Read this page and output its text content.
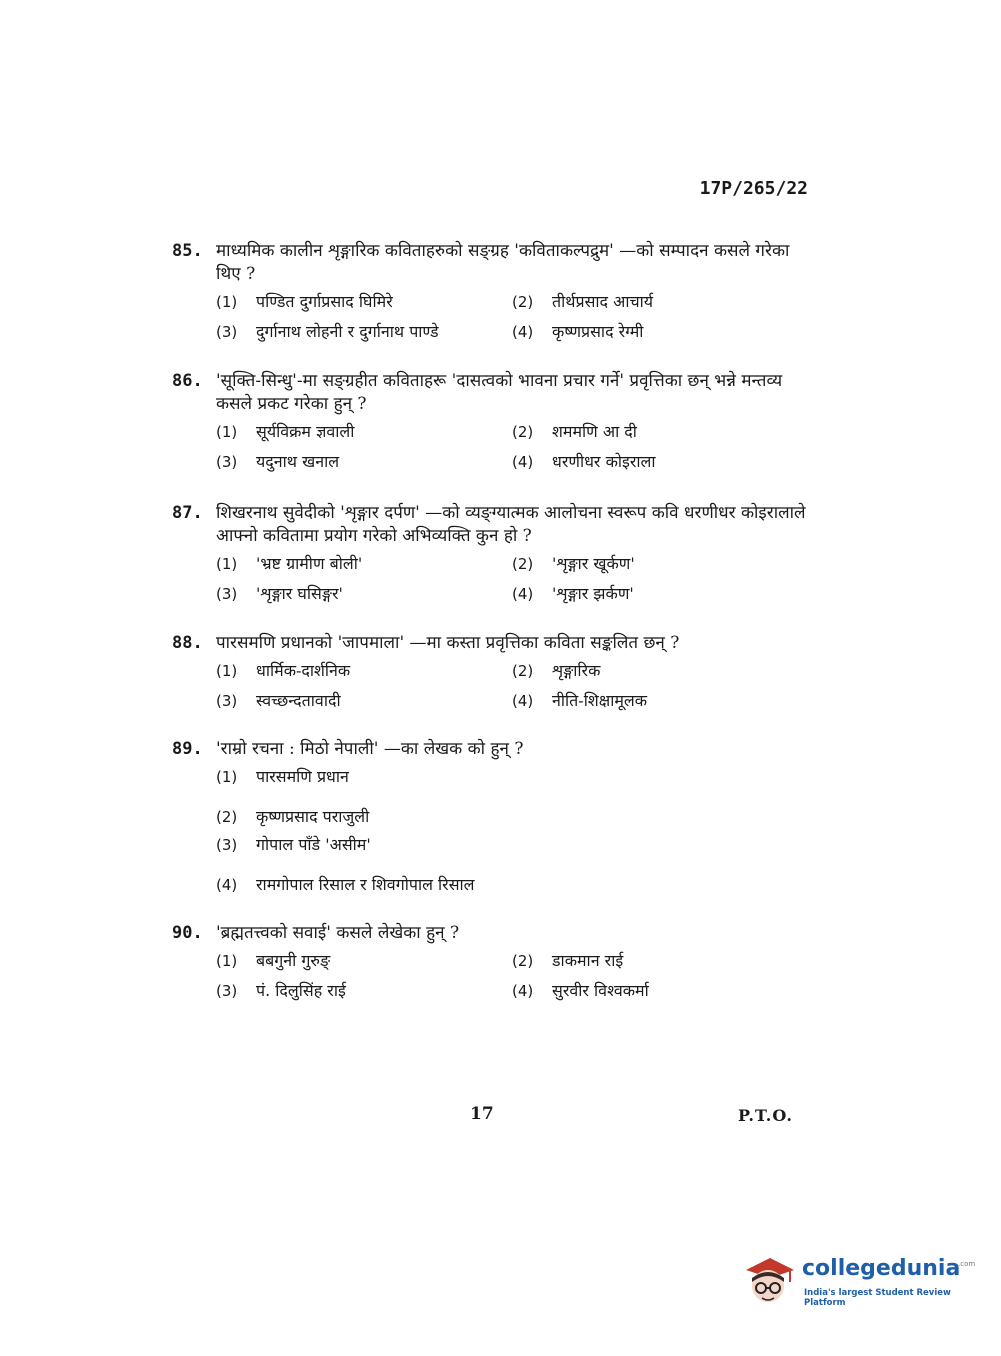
17P/265/22
85. माध्यमिक कालीन शृङ्गारिक कविताहरुको सङ्ग्रह 'कविताकल्पद्रुम' —को सम्पादन कसले गरेका थिए ?
(1)	पण्डित दुर्गाप्रसाद घिमिरे	(2)	तीर्थप्रसाद आचार्य
(3)	दुर्गानाथ लोहनी र दुर्गानाथ पाण्डे	(4)	कृष्णप्रसाद रेग्मी
86. 'सूक्ति-सिन्धु'-मा सङ्ग्रहीत कविताहरू 'दासत्वको भावना प्रचार गर्ने' प्रवृत्तिका छन् भन्ने मन्तव्य कसले प्रकट गरेका हुन् ?
(1)	सूर्यविक्रम ज्ञवाली	(2)	शममणि आ दी
(3)	यदुनाथ खनाल	(4)	धरणीधर कोइराला
87. शिखरनाथ सुवेदीको 'शृङ्गार दर्पण' —को व्यङ्ग्यात्मक आलोचना स्वरूप कवि धरणीधर कोइरालाले आफ्नो कवितामा प्रयोग गरेको अभिव्यक्ति कुन हो ?
(1)	'भ्रष्ट ग्रामीण बोली'	(2)	'शृङ्गार खूर्कण'
(3)	'शृङ्गार घसिङ्गर'	(4)	'शृङ्गार झर्कण'
88. पारसमणि प्रधानको 'जापमाला' —मा कस्ता प्रवृत्तिका कविता सङ्कलित छन् ?
(1)	धार्मिक-दार्शनिक	(2)	शृङ्गारिक
(3)	स्वच्छन्दतावादी	(4)	नीति-शिक्षामूलक
89. 'राम्रो रचना : मिठो नेपाली' —का लेखक को हुन् ?
(1)	पारसमणि प्रधान
(2)	कृष्णप्रसाद पराजुली
(3)	गोपाल पाँडे 'असीम'
(4)	रामगोपाल रिसाल र शिवगोपाल रिसाल
90. 'ब्रह्मतत्त्वको सवाई' कसले लेखेका हुन् ?
(1)	बबगुनी गुरुङ्	(2)	डाकमान राई
(3)	पं. दिलुसिंह राई	(4)	सुरवीर विश्वकर्मा
17	P.T.O.
collegedunia
.com
India's largest Student Review Platform
